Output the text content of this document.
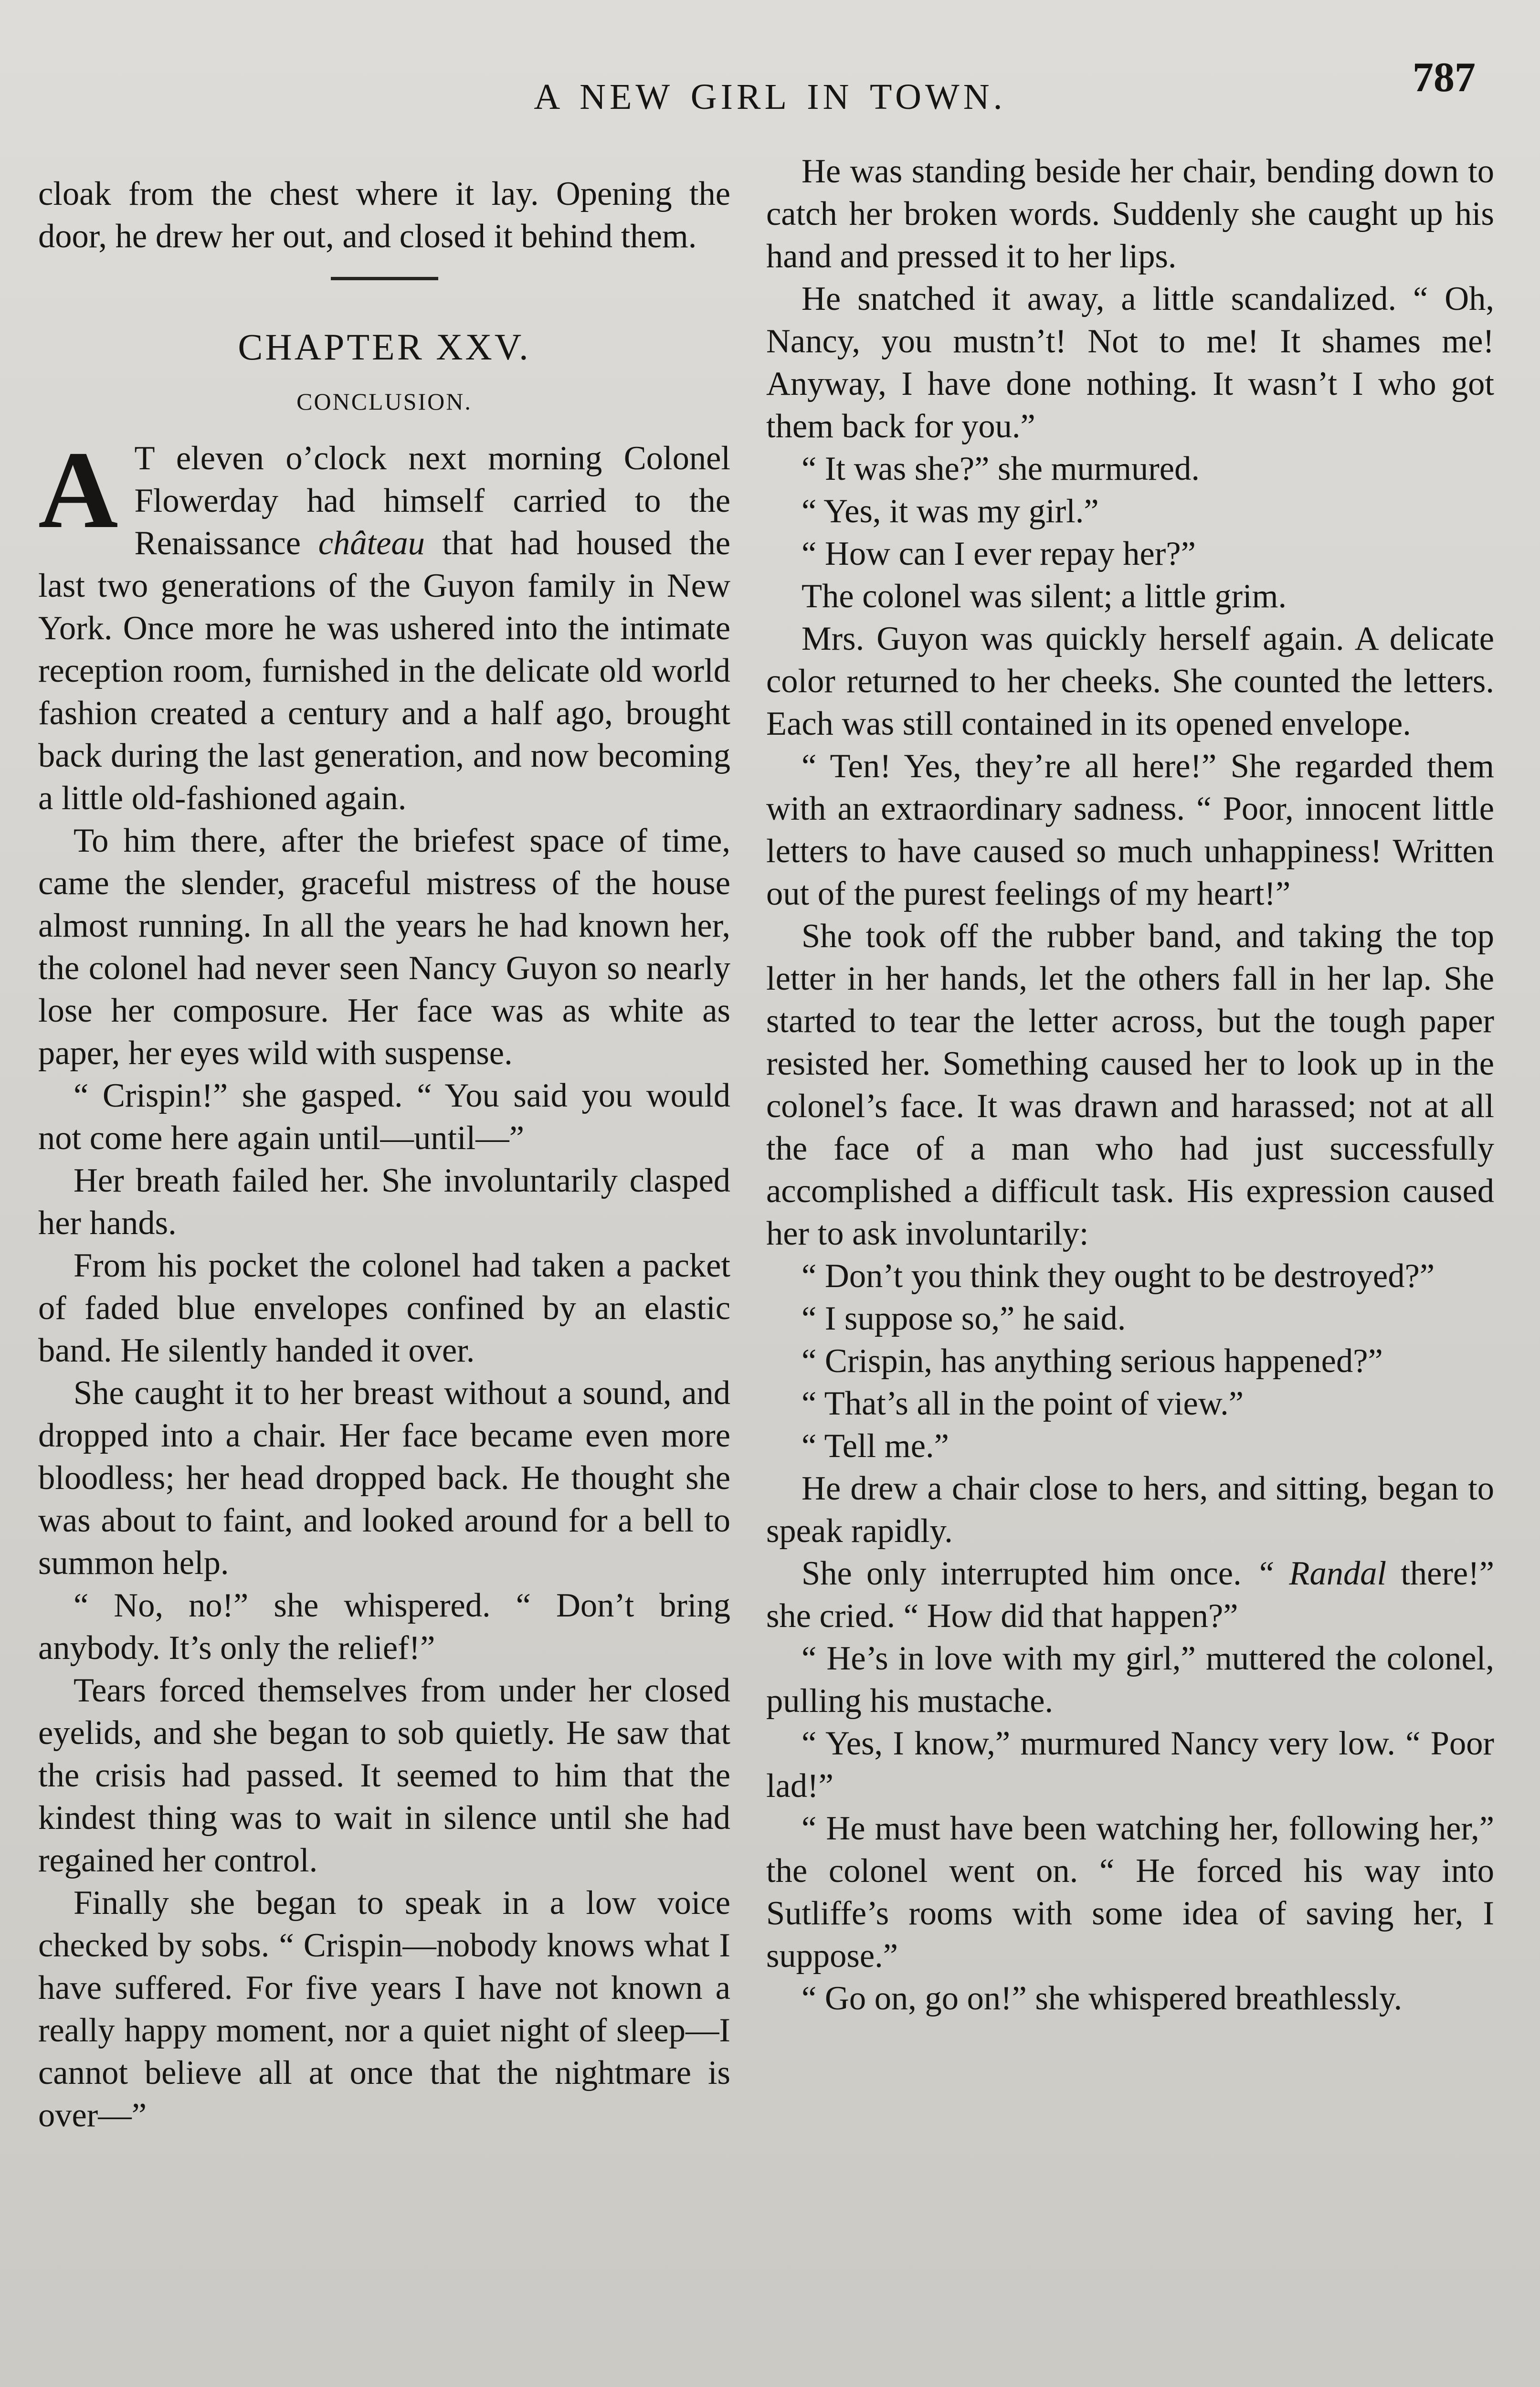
A NEW GIRL IN TOWN.	787

cloak from the chest where it lay. Opening the door, he drew her out, and closed it behind them.

CHAPTER XXV.
CONCLUSION.

A T eleven o’clock next morning Colonel Flowerday had himself carried to the Renaissance château that had housed the last two generations of the Guyon family in New York. Once more he was ushered into the intimate reception room, furnished in the delicate old world fashion created a century and a half ago, brought back during the last generation, and now becoming a little old-fashioned again.

To him there, after the briefest space of time, came the slender, graceful mistress of the house almost running. In all the years he had known her, the colonel had never seen Nancy Guyon so nearly lose her composure. Her face was as white as paper, her eyes wild with suspense.

“ Crispin!” she gasped. “ You said you would not come here again until—until—”

Her breath failed her. She involuntarily clasped her hands.

From his pocket the colonel had taken a packet of faded blue envelopes confined by an elastic band. He silently handed it over.

She caught it to her breast without a sound, and dropped into a chair. Her face became even more bloodless; her head dropped back. He thought she was about to faint, and looked around for a bell to summon help.

“ No, no!” she whispered. “ Don’t bring anybody. It’s only the relief!”

Tears forced themselves from under her closed eyelids, and she began to sob quietly. He saw that the crisis had passed. It seemed to him that the kindest thing was to wait in silence until she had regained her control.

Finally she began to speak in a low voice checked by sobs. “ Crispin—nobody knows what I have suffered. For five years I have not known a really happy moment, nor a quiet night of sleep—I cannot believe all at once that the nightmare is over—”

He was standing beside her chair, bending down to catch her broken words. Suddenly she caught up his hand and pressed it to her lips.

He snatched it away, a little scandalized. “ Oh, Nancy, you mustn’t! Not to me! It shames me! Anyway, I have done nothing. It wasn’t I who got them back for you.”

“ It was she?” she murmured.

“ Yes, it was my girl.”

“ How can I ever repay her?”

The colonel was silent; a little grim.

Mrs. Guyon was quickly herself again. A delicate color returned to her cheeks. She counted the letters. Each was still contained in its opened envelope.

“ Ten! Yes, they’re all here!” She regarded them with an extraordinary sadness. “ Poor, innocent little letters to have caused so much unhappiness! Written out of the purest feelings of my heart!”

She took off the rubber band, and taking the top letter in her hands, let the others fall in her lap. She started to tear the letter across, but the tough paper resisted her. Something caused her to look up in the colonel’s face. It was drawn and harassed; not at all the face of a man who had just successfully accomplished a difficult task. His expression caused her to ask involuntarily:

“ Don’t you think they ought to be destroyed?”

“ I suppose so,” he said.

“ Crispin, has anything serious happened?”

“ That’s all in the point of view.”

“ Tell me.”

He drew a chair close to hers, and sitting, began to speak rapidly.

She only interrupted him once. “ Randal there!” she cried. “ How did that happen?”

“ He’s in love with my girl,” muttered the colonel, pulling his mustache.

“ Yes, I know,” murmured Nancy very low. “ Poor lad!”

“ He must have been watching her, following her,” the colonel went on. “ He forced his way into Sutliffe’s rooms with some idea of saving her, I suppose.”

“ Go on, go on!” she whispered breathlessly.
